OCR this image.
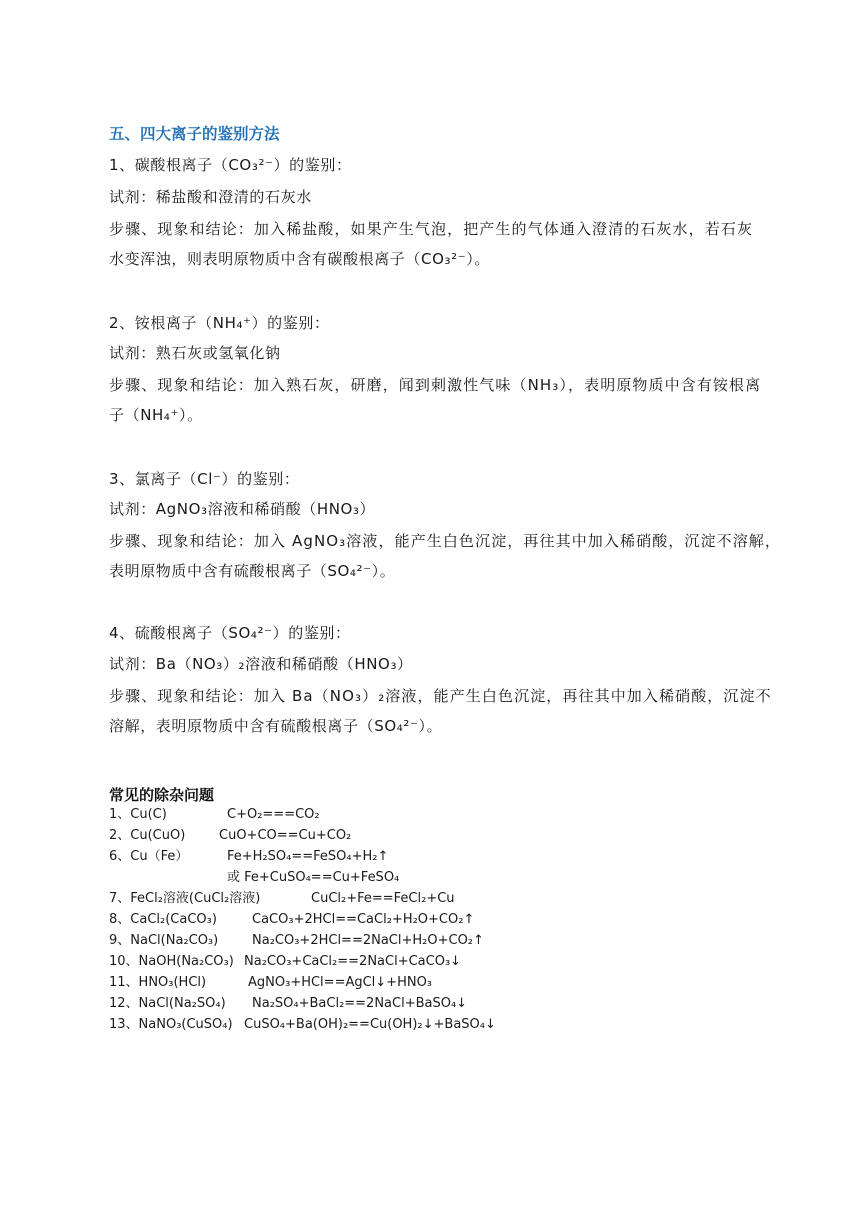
五、四大离子的鉴别方法
1、碳酸根离子（CO₃²⁻）的鉴别：
试剂：稀盐酸和澄清的石灰水
步骤、现象和结论：加入稀盐酸，如果产生气泡，把产生的气体通入澄清的石灰水，若石灰
水变浑浊，则表明原物质中含有碳酸根离子（CO₃²⁻）。
2、铵根离子（NH₄⁺）的鉴别：
试剂：熟石灰或氢氧化钠
步骤、现象和结论：加入熟石灰，研磨，闻到刺激性气味（NH₃），表明原物质中含有铵根离
子（NH₄⁺）。
3、氯离子（Cl⁻）的鉴别：
试剂：AgNO₃溶液和稀硝酸（HNO₃）
步骤、现象和结论：加入 AgNO₃溶液，能产生白色沉淀，再往其中加入稀硝酸，沉淀不溶解，
表明原物质中含有硫酸根离子（SO₄²⁻）。
4、硫酸根离子（SO₄²⁻）的鉴别：
试剂：Ba（NO₃）₂溶液和稀硝酸（HNO₃）
步骤、现象和结论：加入 Ba（NO₃）₂溶液，能产生白色沉淀，再往其中加入稀硝酸，沉淀不
溶解，表明原物质中含有硫酸根离子（SO₄²⁻）。
常见的除杂问题
1、Cu(C)	C+O₂===CO₂
2、Cu(CuO)	CuO+CO==Cu+CO₂
6、Cu（Fe）	Fe+H₂SO₄==FeSO₄+H₂↑
或 Fe+CuSO₄==Cu+FeSO₄
7、FeCl₂溶液(CuCl₂溶液)	CuCl₂+Fe==FeCl₂+Cu
8、CaCl₂(CaCO₃)	CaCO₃+2HCl==CaCl₂+H₂O+CO₂↑
9、NaCl(Na₂CO₃)	Na₂CO₃+2HCl==2NaCl+H₂O+CO₂↑
10、NaOH(Na₂CO₃) Na₂CO₃+CaCl₂==2NaCl+CaCO₃↓
11、HNO₃(HCl)	AgNO₃+HCl==AgCl↓+HNO₃
12、NaCl(Na₂SO₄) Na₂SO₄+BaCl₂==2NaCl+BaSO₄↓
13、NaNO₃(CuSO₄) CuSO₄+Ba(OH)₂==Cu(OH)₂↓+BaSO₄↓
